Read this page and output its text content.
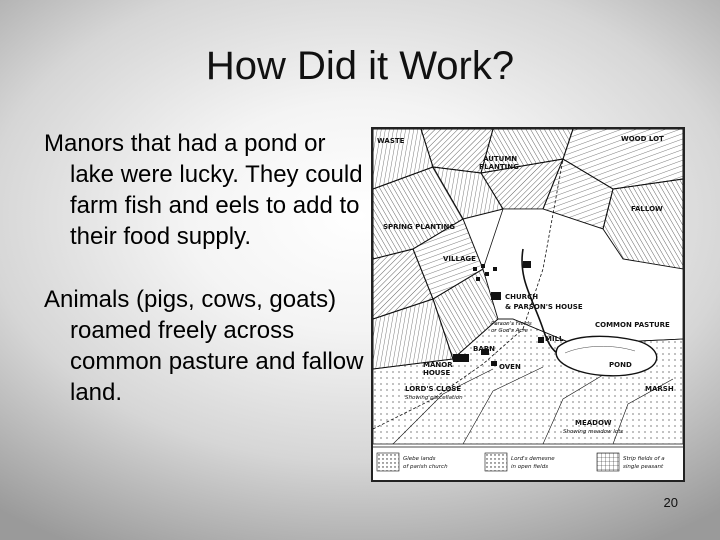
How Did it Work?
Manors that had a pond or lake were lucky. They could farm fish and eels to add to their food supply.
Animals (pigs, cows, goats) roamed freely across common pasture and fallow land.
WASTE	WOOD LOT
AUTUMN
PLANTING
FALLOW
SPRING PLANTING
VILLAGE
CHURCH
& PARSON'S HOUSE
Parson's Fields
or God's Acre
COMMON PASTURE
MILL
BARN
MANOR
HOUSE
OVEN	POND
LORD'S CLOSE
Showing parcellation
MARSH
MEADOW
Showing meadow lots
Glebe lands
of parish church
Lord's demesne
in open fields
Strip fields of a
single peasant
20
